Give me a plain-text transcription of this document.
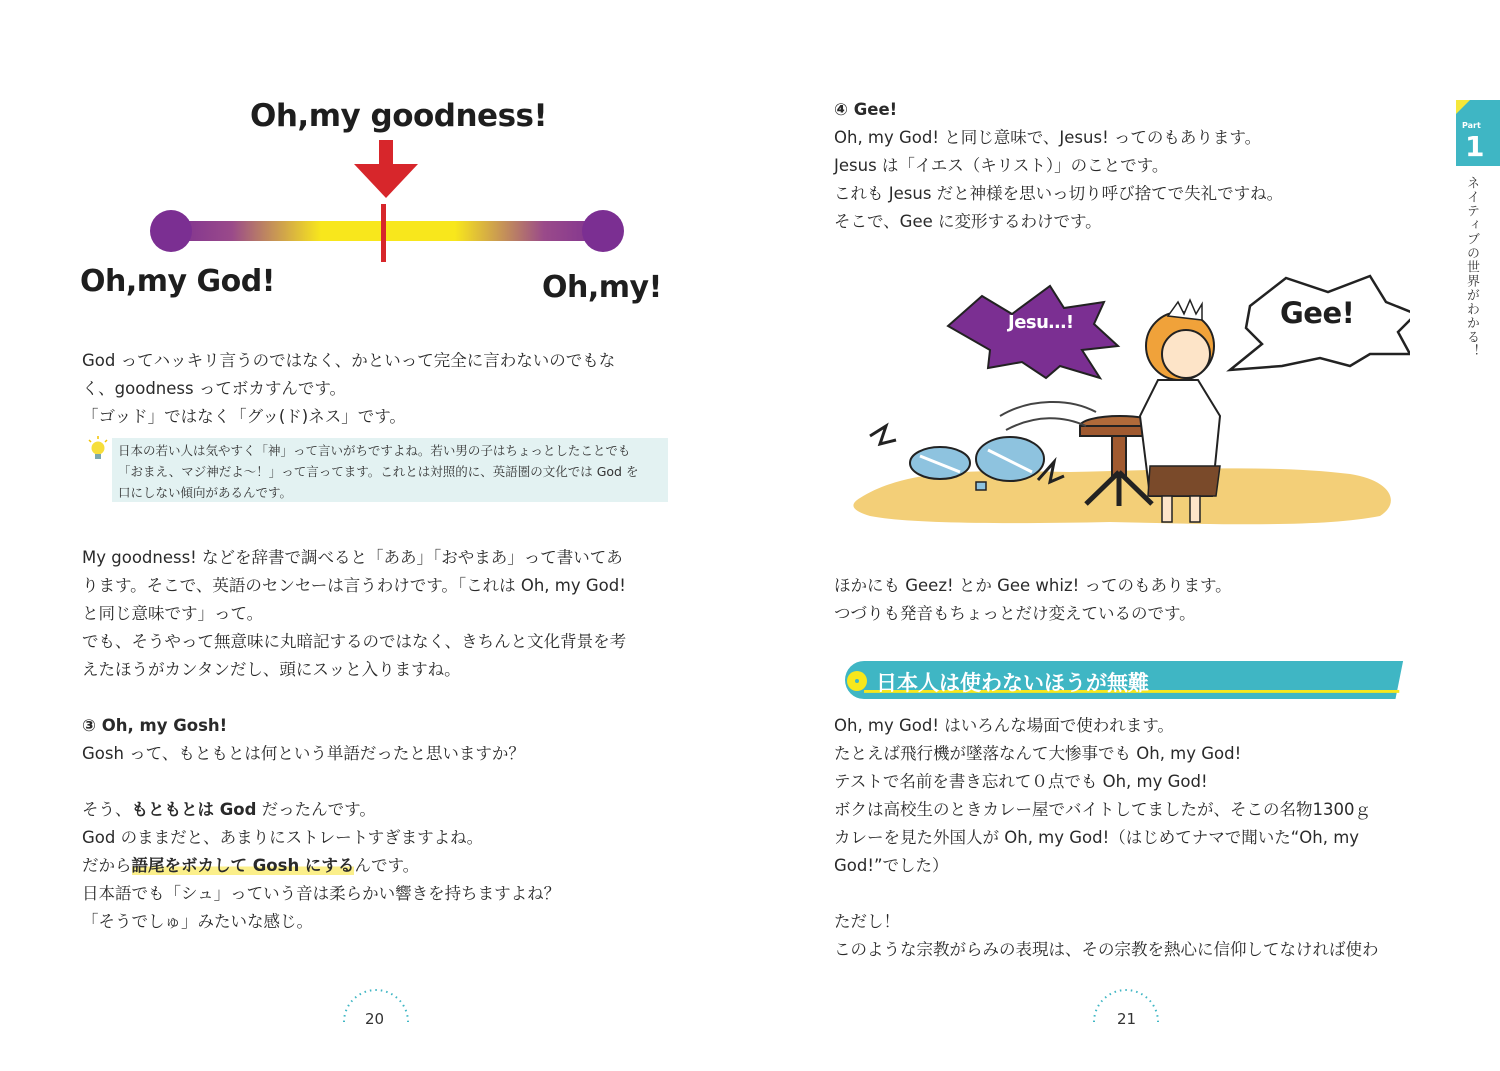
Oh,my goodness!
Oh,my God!	Oh,my!
God ってハッキリ言うのではなく、かといって完全に言わないのでもな
く、goodness ってボカすんです。
「ゴッド」ではなく「グッ(ド)ネス」です。
日本の若い人は気やすく「神」って言いがちですよね。若い男の子はちょっとしたことでも
「おまえ、マジ神だよ～！」って言ってます。これとは対照的に、英語圏の文化では God を
口にしない傾向があるんです。
My goodness! などを辞書で調べると「ああ」「おやまあ」って書いてあ
ります。そこで、英語のセンセーは言うわけです。「これは Oh, my God!
と同じ意味です」って。
でも、そうやって無意味に丸暗記するのではなく、きちんと文化背景を考
えたほうがカンタンだし、頭にスッと入りますね。
③ Oh, my Gosh!
Gosh って、もともとは何という単語だったと思いますか？
そう、もともとは God だったんです。
God のままだと、あまりにストレートすぎますよね。
だから語尾をボカして Gosh にするんです。
日本語でも「シュ」っていう音は柔らかい響きを持ちますよね？
「そうでしゅ」みたいな感じ。
20
④ Gee!
Oh, my God! と同じ意味で、Jesus! ってのもあります。
Jesus は「イエス（キリスト）」のことです。
これも Jesus だと神様を思いっ切り呼び捨てで失礼ですね。
そこで、Gee に変形するわけです。
Jesu…!	Gee!
ほかにも Geez! とか Gee whiz! ってのもあります。
つづりも発音もちょっとだけ変えているのです。
日本人は使わないほうが無難
Oh, my God! はいろんな場面で使われます。
たとえば飛行機が墜落なんて大惨事でも Oh, my God!
テストで名前を書き忘れて０点でも Oh, my God!
ボクは高校生のときカレー屋でバイトしてましたが、そこの名物1300ｇ
カレーを見た外国人が Oh, my God!（はじめてナマで聞いた“Oh, my
God!”でした）
ただし！
このような宗教がらみの表現は、その宗教を熱心に信仰してなければ使わ
21
Part
1
ネイティブの世界がわかる！
